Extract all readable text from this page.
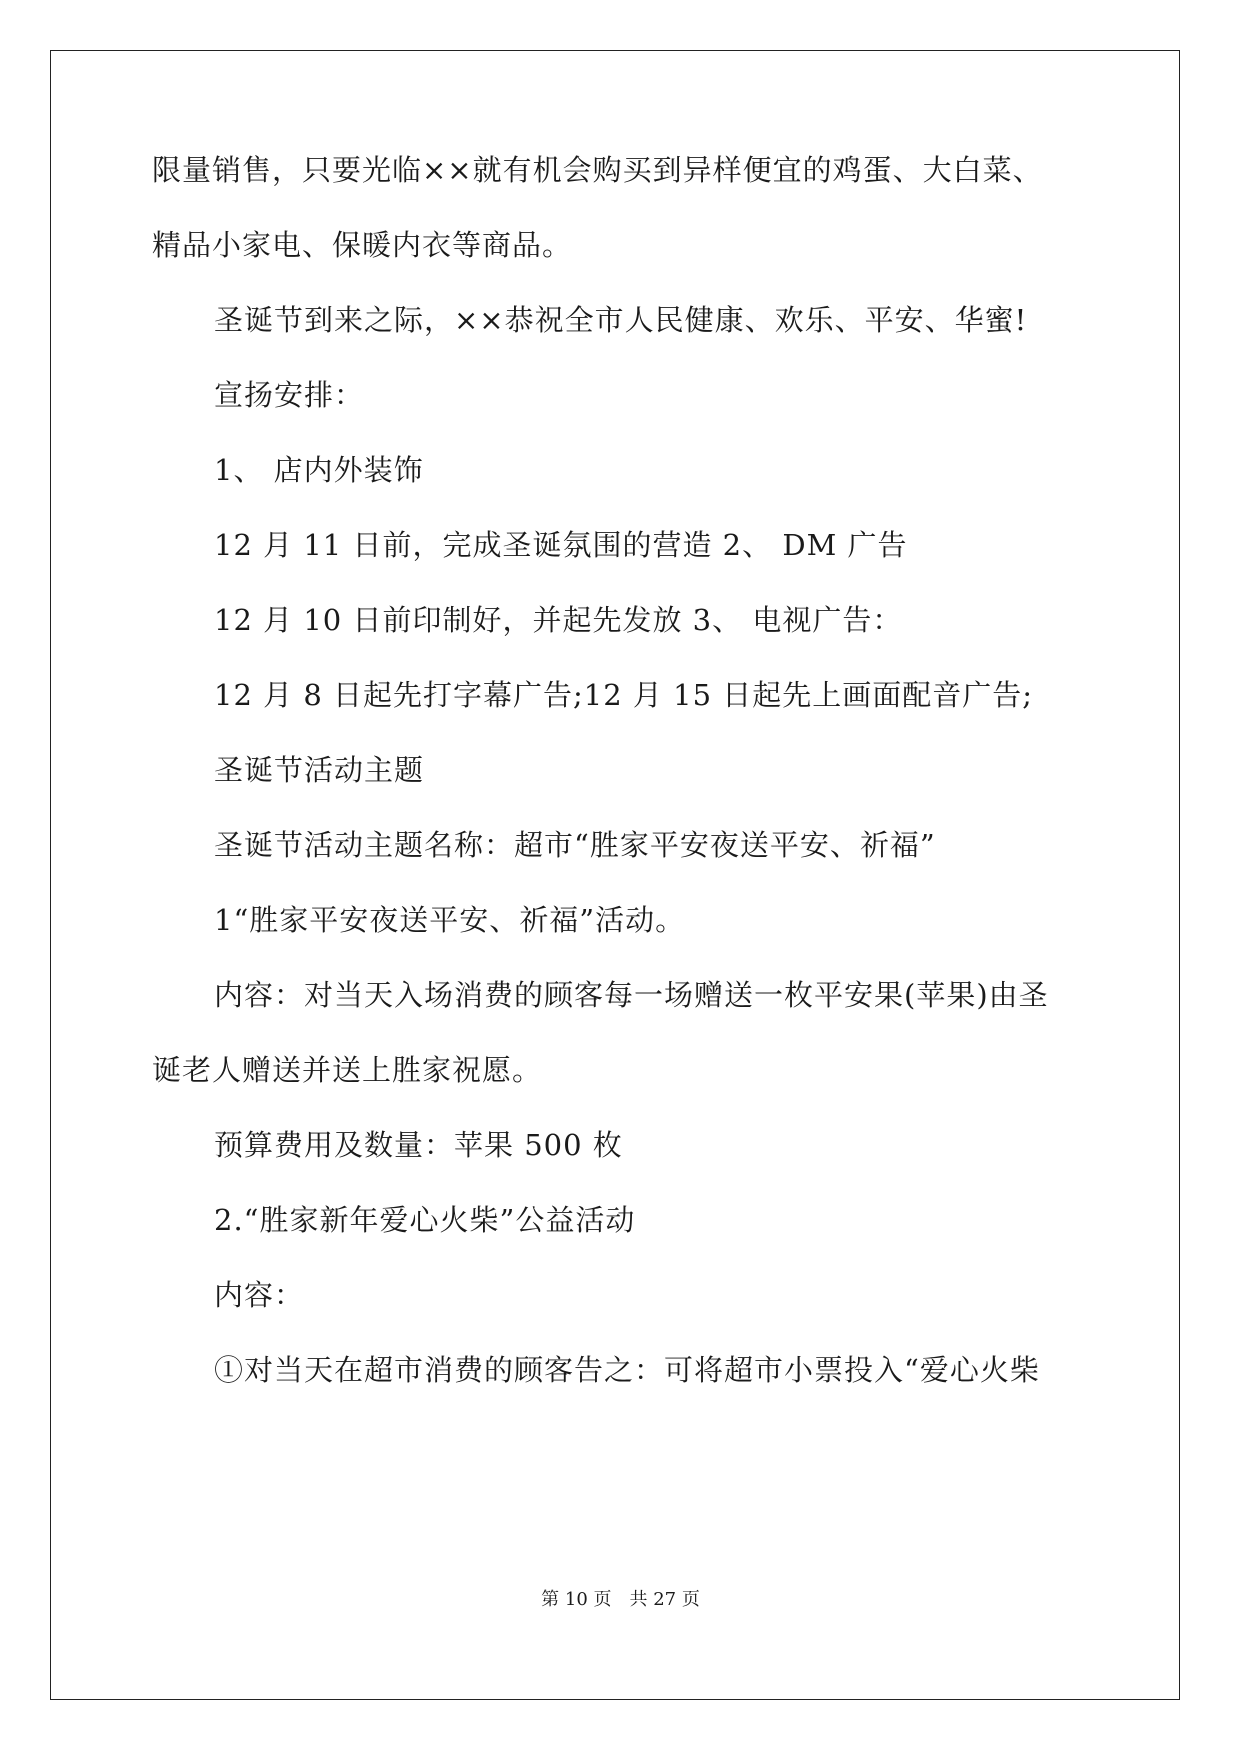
限量销售，只要光临××就有机会购买到异样便宜的鸡蛋、大白菜、
精品小家电、保暖内衣等商品。
圣诞节到来之际，××恭祝全市人民健康、欢乐、平安、华蜜!
宣扬安排：
1、 店内外装饰
12 月 11 日前，完成圣诞氛围的营造 2、 DM 广告
12 月 10 日前印制好，并起先发放 3、 电视广告：
12 月 8 日起先打字幕广告;12 月 15 日起先上画面配音广告;
圣诞节活动主题
圣诞节活动主题名称：超市“胜家平安夜送平安、祈福”
1“胜家平安夜送平安、祈福”活动。
内容：对当天入场消费的顾客每一场赠送一枚平安果(苹果)由圣
诞老人赠送并送上胜家祝愿。
预算费用及数量：苹果 500 枚
2.“胜家新年爱心火柴”公益活动
内容：
①对当天在超市消费的顾客告之：可将超市小票投入“爱心火柴
第 10 页　共 27 页
